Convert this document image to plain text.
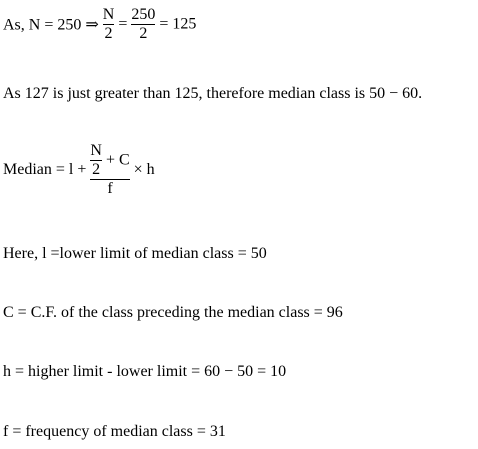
As, N = 250 ⇒ $\frac{N}{2} = \frac{250}{2} = 125$
As 127 is just greater than 125, therefore median class is 50 − 60.
Median = $l + \frac{\frac{N}{2} + C}{f} \times h$
Here, l =lower limit of median class = 50
C = C.F. of the class preceding the median class = 96
h = higher limit - lower limit = 60 − 50 = 10
f = frequency of median class = 31
